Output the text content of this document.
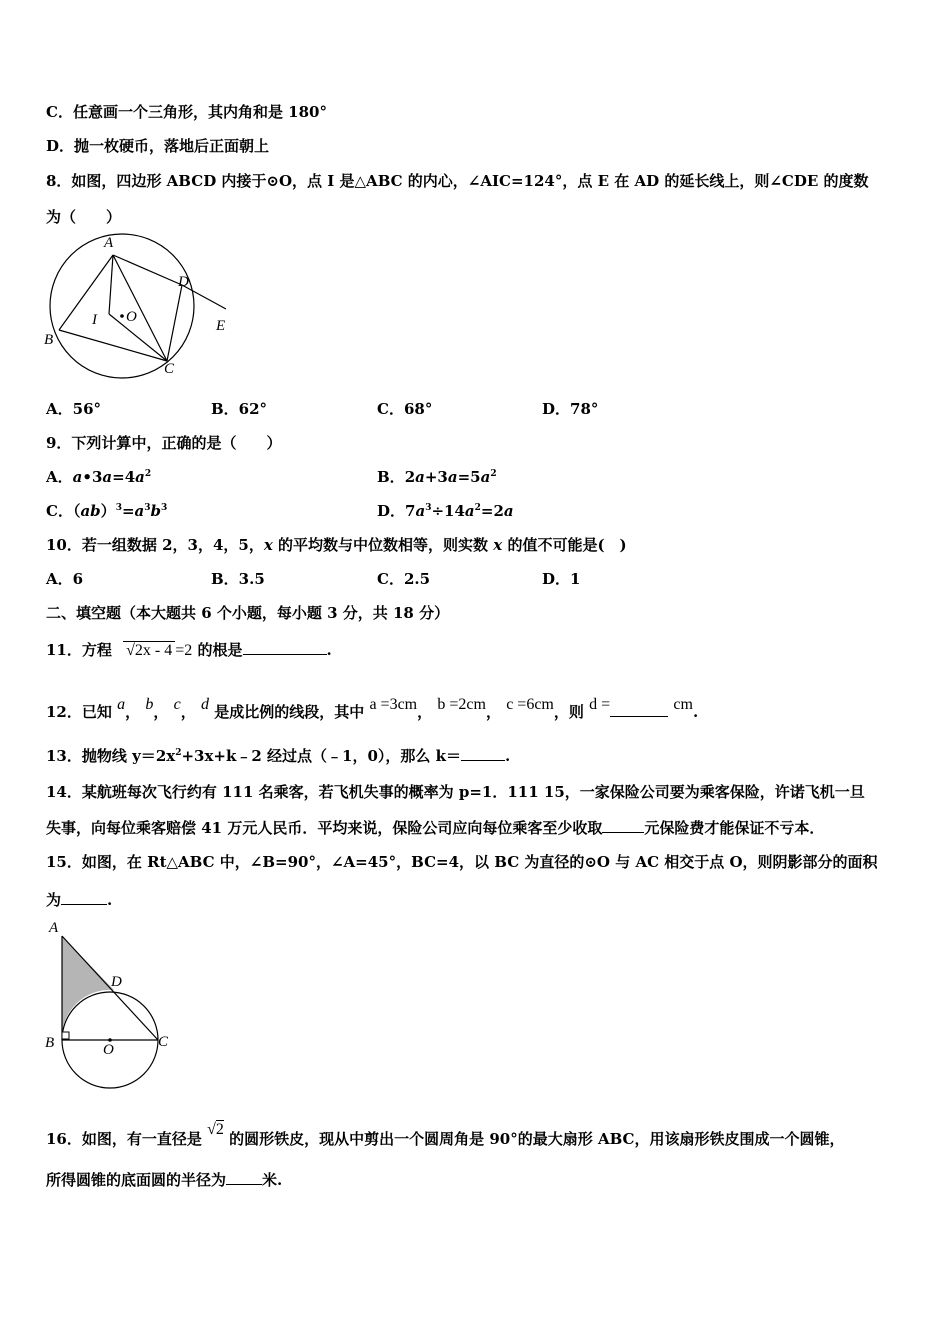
C．任意画一个三角形，其内角和是 180°
D．抛一枚硬币，落地后正面朝上
8．如图，四边形 ABCD 内接于⊙O，点 I 是△ABC 的内心，∠AIC=124°，点 E 在 AD 的延长线上，则∠CDE 的度数
为（　　）
A
B
C
D
E
I O
A．56°	B．62°	C．68°	D．78°
9．下列计算中，正确的是（　　）
A．$a•3a=4a^2$	B．$2a+3a=5a^2$
C．$(ab)^3=a^3b^3$	D．$7a^3\div 14a^2=2a$
10．若一组数据 2，3，4，5，x 的平均数与中位数相等，则实数 x 的值不可能是(　)
A．6	B．3.5	C．2.5	D．1
二、填空题（本大题共 6 个小题，每小题 3 分，共 18 分）
11．方程 √2x - 4 =2 的根是	.
12．已知 a， b， c， d 是成比例的线段，其中 a =3cm， b =2cm， c =6cm，则 d =	cm.
13．抛物线 $y=2x^2+3x+k﹣2$ 经过点（﹣1，0），那么 k＝	.
14．某航班每次飞行约有 111 名乘客，若飞机失事的概率为 p=1．111 15，一家保险公司要为乘客保险，许诺飞机一旦
失事，向每位乘客赔偿 41 万元人民币．平均来说，保险公司应向每位乘客至少收取	元保险费才能保证不亏本．
15．如图，在 Rt△ABC 中，∠B=90°，∠A=45°，BC=4，以 BC 为直径的⊙O 与 AC 相交于点 O，则阴影部分的面积
为	.
A
B	C
D
O
16．如图，有一直径是 √2 的圆形铁皮，现从中剪出一个圆周角是 90°的最大扇形 ABC，用该扇形铁皮围成一个圆锥，
所得圆锥的底面圆的半径为 米.
